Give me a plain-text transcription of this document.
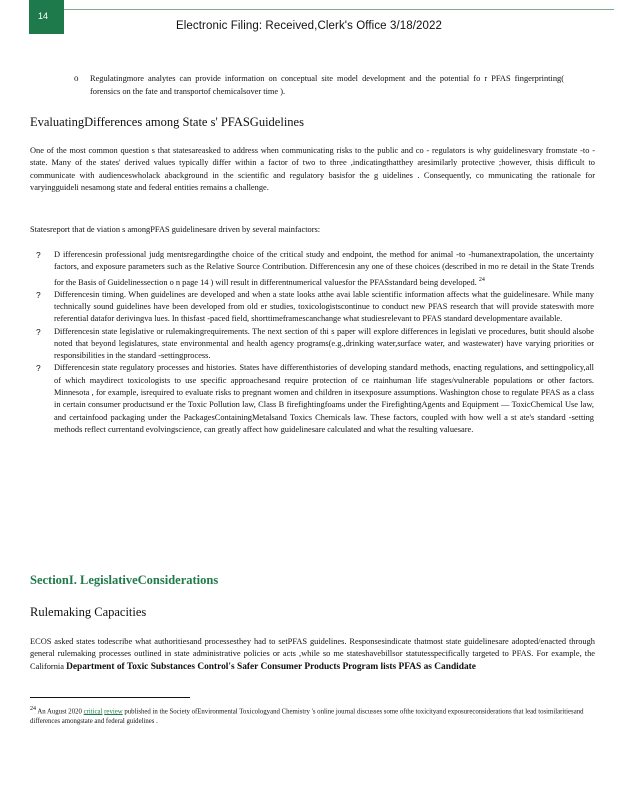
14
Electronic Filing: Received,Clerk's Office 3/18/2022
o Regulatingmore analytes can provide information on conceptual site model development and the potential fo r PFAS fingerprinting( forensics on the fate and transportof chemicalsover time ).
EvaluatingDifferences among State s' PFASGuidelines

One of the most common question s that statesareasked to address when communicating risks to the public and co - regulators is why guidelinesvary fromstate -to -state. Many of the states' derived values typically differ within a factor of two to three ,indicatingthatthey aresimilarly protective ;however, thisis difficult to communicate with audienceswholack abackground in the scientific and regulatory basisfor the g uidelines . Consequently, co mmunicating the rationale for varyingguideli nesamong state and federal entities remains a challenge.

Statesreport that de viation s amongPFAS guidelinesare driven by several mainfactors:

? D ifferencesin professional judg mentsregardingthe choice of the critical study and endpoint, the method for animal -to -humanextrapolation, the uncertainty factors, and exposure parameters such as the Relative Source Contribution. Differencesin any one of these choices (described in mo re detail in the State Trends for the Basis of Guidelinessection o n page 14 ) will result in differentnumerical valuesfor the PFASstandard being developed. $^{24}$
? Differencesin timing. When guidelines are developed and when a state looks atthe avai lable scientific information affects what the guidelinesare. While many technically sound guidelines have been developed from old er studies, toxicologistscontinue to conduct new PFAS research that will provide stateswith more referential datafor derivingva lues. In thisfast -paced field, shorttimeframescanchange what studiesrelevant to PFAS standard developmentare available.
? Differencesin state legislative or rulemakingrequirements. The next section of thi s paper will explore differences in legislati ve procedures, butit should alsobe noted that beyond legislatures, state environmental and health agency programs(e.g.,drinking water,surface water, and wastewater) have varying priorities or responsibilities in the standard -settingprocess.
? Differencesin state regulatory processes and histories. States have differenthistories of developing standard methods, enacting regulations, and settingpolicy,all of which maydirect toxicologists to use specific approachesand require protection of ce rtainhuman life stages/vulnerable populations or other factors. Minnesota , for example, isrequired to evaluate risks to pregnant women and children in itsexposure assumptions. Washington chose to regulate PFAS as a class in certain consumer productsund er the Toxic Pollution law, Class B firefightingfoams under the FirefightingAgents and Equipment — ToxicChemical Use law, and certainfood packaging under the PackagesContainingMetalsand Toxics Chemicals law. These factors, coupled with how well a st ate's standard -setting methods reflect currentand evolvingscience, can greatly affect how guidelinesare calculated and what the resulting valuesare.
SectionI. LegislativeConsiderations
Rulemaking Capacities

ECOS asked states todescribe what authoritiesand processesthey had to setPFAS guidelines. Responsesindicate thatmost state guidelinesare adopted/enacted through general rulemaking processes outlined in state administrative policies or acts ,while so me stateshavebillsor statutesspecifically targeted to PFAS. For example, the California Department of Toxic Substances Control's Safer Consumer Products Program lists PFAS as Candidate

$^{24}$ An August 2020 critical review published in the Society ofEnvironmental Toxicologyand Chemistry 's online journal discusses some ofthe toxicityand exposureconsiderations that lead tosimilaritiesand differences amongstate and federal guidelines .
